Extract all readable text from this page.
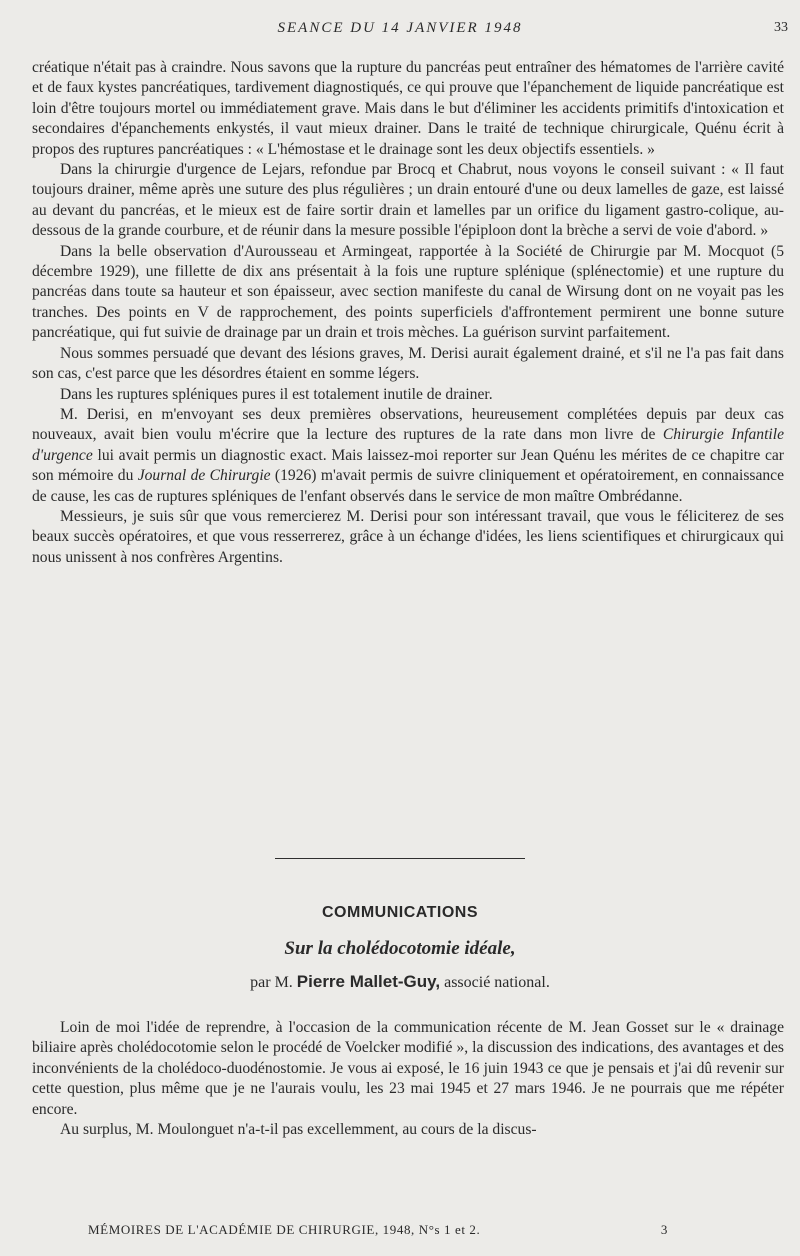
SEANCE DU 14 JANVIER 1948	33

créatique n'était pas à craindre. Nous savons que la rupture du pancréas peut entraîner des hématomes de l'arrière cavité et de faux kystes pancréatiques, tardivement diagnostiqués, ce qui prouve que l'épanchement de liquide pancréatique est loin d'être toujours mortel ou immédiatement grave. Mais dans le but d'éliminer les accidents primitifs d'intoxication et secondaires d'épanchements enkystés, il vaut mieux drainer. Dans le traité de technique chirurgicale, Quénu écrit à propos des ruptures pancréatiques : « L'hémostase et le drainage sont les deux objectifs essentiels. »

Dans la chirurgie d'urgence de Lejars, refondue par Brocq et Chabrut, nous voyons le conseil suivant : « Il faut toujours drainer, même après une suture des plus régulières ; un drain entouré d'une ou deux lamelles de gaze, est laissé au devant du pancréas, et le mieux est de faire sortir drain et lamelles par un orifice du ligament gastro-colique, au-dessous de la grande courbure, et de réunir dans la mesure possible l'épiploon dont la brèche a servi de voie d'abord. »

Dans la belle observation d'Aurousseau et Armingeat, rapportée à la Société de Chirurgie par M. Mocquot (5 décembre 1929), une fillette de dix ans présentait à la fois une rupture splénique (splénectomie) et une rupture du pancréas dans toute sa hauteur et son épaisseur, avec section manifeste du canal de Wirsung dont on ne voyait pas les tranches. Des points en V de rapprochement, des points superficiels d'affrontement permirent une bonne suture pancréatique, qui fut suivie de drainage par un drain et trois mèches. La guérison survint parfaitement.

Nous sommes persuadé que devant des lésions graves, M. Derisi aurait également drainé, et s'il ne l'a pas fait dans son cas, c'est parce que les désordres étaient en somme légers.

Dans les ruptures spléniques pures il est totalement inutile de drainer.

M. Derisi, en m'envoyant ses deux premières observations, heureusement complétées depuis par deux cas nouveaux, avait bien voulu m'écrire que la lecture des ruptures de la rate dans mon livre de Chirurgie Infantile d'urgence lui avait permis un diagnostic exact. Mais laissez-moi reporter sur Jean Quénu les mérites de ce chapitre car son mémoire du Journal de Chirurgie (1926) m'avait permis de suivre cliniquement et opératoirement, en connaissance de cause, les cas de ruptures spléniques de l'enfant observés dans le service de mon maître Ombrédanne.

Messieurs, je suis sûr que vous remercierez M. Derisi pour son intéressant travail, que vous le féliciterez de ses beaux succès opératoires, et que vous resserrerez, grâce à un échange d'idées, les liens scientifiques et chirurgicaux qui nous unissent à nos confrères Argentins.

COMMUNICATIONS
Sur la cholédocotomie idéale,
par M. Pierre Mallet-Guy, associé national.

Loin de moi l'idée de reprendre, à l'occasion de la communication récente de M. Jean Gosset sur le « drainage biliaire après cholédocotomie selon le procédé de Voelcker modifié », la discussion des indications, des avantages et des inconvénients de la cholédoco-duodénostomie. Je vous ai exposé, le 16 juin 1943 ce que je pensais et j'ai dû revenir sur cette question, plus même que je ne l'aurais voulu, les 23 mai 1945 et 27 mars 1946. Je ne pourrais que me répéter encore.

Au surplus, M. Moulonguet n'a-t-il pas excellemment, au cours de la discus-

MÉMOIRES DE L'ACADÉMIE DE CHIRURGIE, 1948, N°s 1 et 2.	3
